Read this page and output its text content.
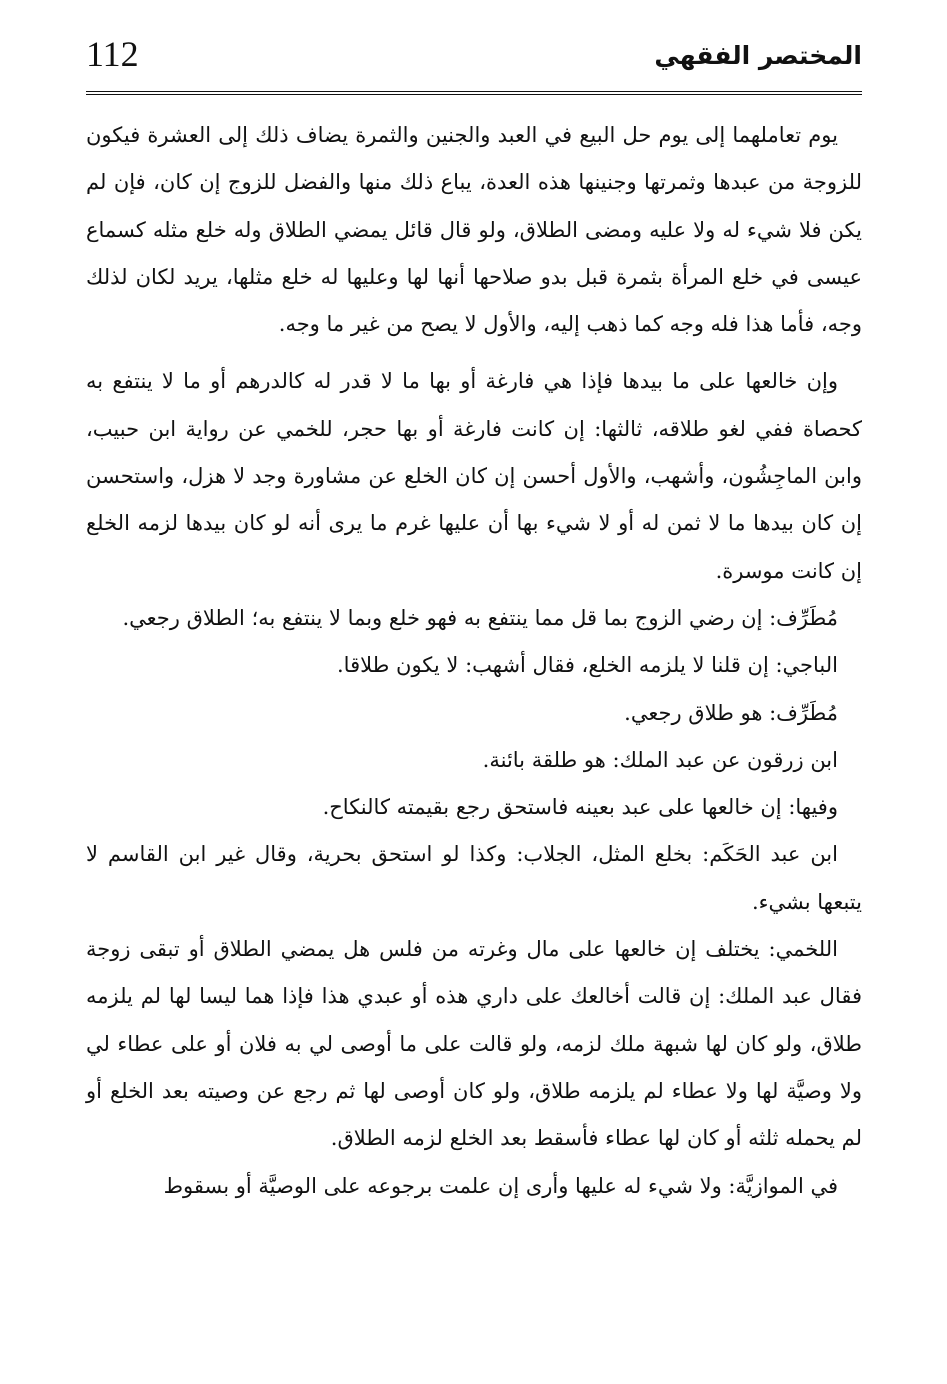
112	المختصر الفقهي

يوم تعاملهما إلى يوم حل البيع في العبد والجنين والثمرة يضاف ذلك إلى العشرة فيكون للزوجة من عبدها وثمرتها وجنينها هذه العدة، يباع ذلك منها والفضل للزوج إن كان، فإن لم يكن فلا شيء له ولا عليه ومضى الطلاق، ولو قال قائل يمضي الطلاق وله خلع مثله كسماع عيسى في خلع المرأة بثمرة قبل بدو صلاحها أنها لها وعليها له خلع مثلها، يريد لكان لذلك وجه، فأما هذا فله وجه كما ذهب إليه، والأول لا يصح من غير ما وجه.

وإن خالعها على ما بيدها فإذا هي فارغة أو بها ما لا قدر له كالدرهم أو ما لا ينتفع به كحصاة ففي لغو طلاقه، ثالثها: إن كانت فارغة أو بها حجر، للخمي عن رواية ابن حبيب، وابن الماجِشُون، وأشهب، والأول أحسن إن كان الخلع عن مشاورة وجد لا هزل، واستحسن إن كان بيدها ما لا ثمن له أو لا شيء بها أن عليها غرم ما يرى أنه لو كان بيدها لزمه الخلع إن كانت موسرة.

مُطَرِّف: إن رضي الزوج بما قل مما ينتفع به فهو خلع وبما لا ينتفع به؛ الطلاق رجعي.

الباجي: إن قلنا لا يلزمه الخلع، فقال أشهب: لا يكون طلاقا.

مُطَرِّف: هو طلاق رجعي.

ابن زرقون عن عبد الملك: هو طلقة بائنة.

وفيها: إن خالعها على عبد بعينه فاستحق رجع بقيمته كالنكاح.

ابن عبد الحَكَم: بخلع المثل، الجلاب: وكذا لو استحق بحرية، وقال غير ابن القاسم لا يتبعها بشيء.

اللخمي: يختلف إن خالعها على مال وغرته من فلس هل يمضي الطلاق أو تبقى زوجة فقال عبد الملك: إن قالت أخالعك على داري هذه أو عبدي هذا فإذا هما ليسا لها لم يلزمه طلاق، ولو كان لها شبهة ملك لزمه، ولو قالت على ما أوصى لي به فلان أو على عطاء لي ولا وصيَّة لها ولا عطاء لم يلزمه طلاق، ولو كان أوصى لها ثم رجع عن وصيته بعد الخلع أو لم يحمله ثلثه أو كان لها عطاء فأسقط بعد الخلع لزمه الطلاق.

في الموازيَّة: ولا شيء له عليها وأرى إن علمت برجوعه على الوصيَّة أو بسقوط
